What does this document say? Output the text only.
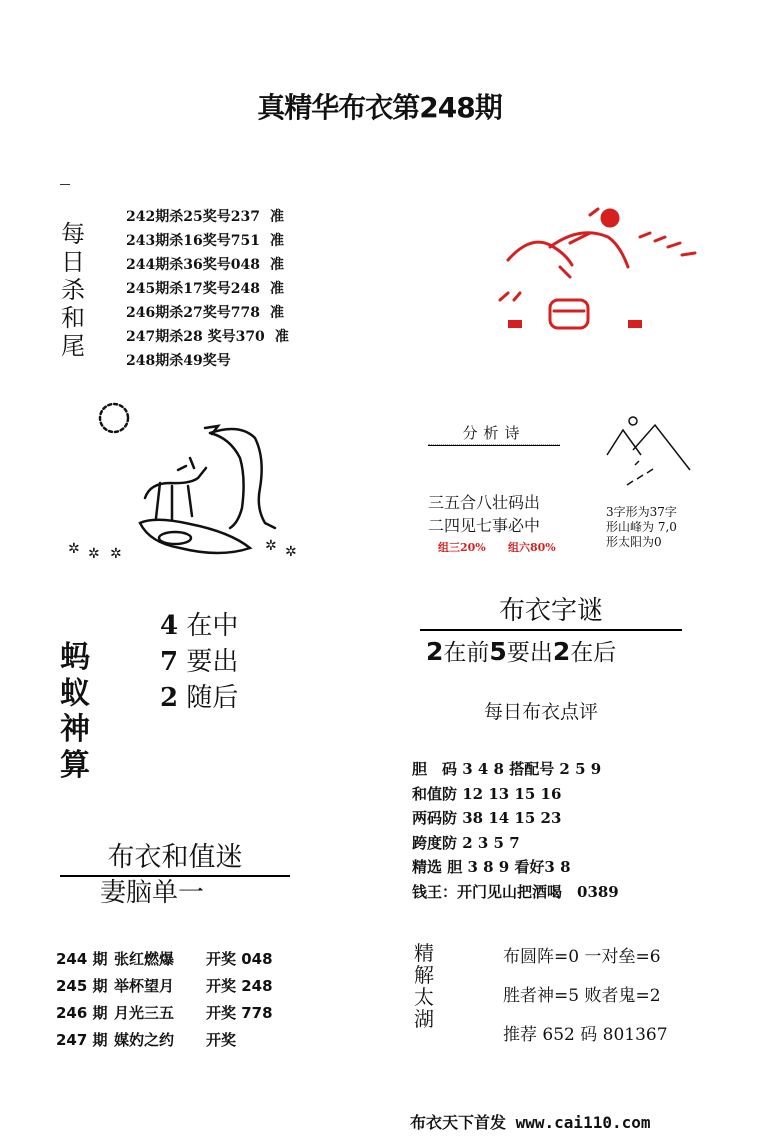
真精华布衣第248期
每
日
杀
和
尾
242期杀25奖号237 准
243期杀16奖号751 准
244期杀36奖号048 准
245期杀17奖号248 准
246期杀27奖号778 准
247期杀28 奖号370 准
248期杀49奖号
✲ ✲ ✲	✲ ✲
分析诗
三五合八壮码出
二四见七事必中
组三20% 组六80%
3字形为37字
形山峰为 7,0
形太阳为0
蚂
蚁
神
算
4 在中
7 要出
2 随后
布衣字谜
2在前5要出2在后
每日布衣点评
胆　码 3 4 8 搭配号 2 5 9
和值防 12 13 15 16
两码防 38 14 15 23
跨度防 2 3 5 7
精选 胆 3 8 9 看好3 8
钱王：开门见山把酒喝　0389
布衣和值迷
妻脑单一
244 期 张红燃爆 开奖 048
245 期 举杯望月 开奖 248
246 期 月光三五 开奖 778
247 期 媒妁之约 开奖
精
解
太
湖
布圆阵=0 一对垒=6
胜者神=5 败者鬼=2
推荐 652 码 801367
布衣天下首发 www.cai110.com
